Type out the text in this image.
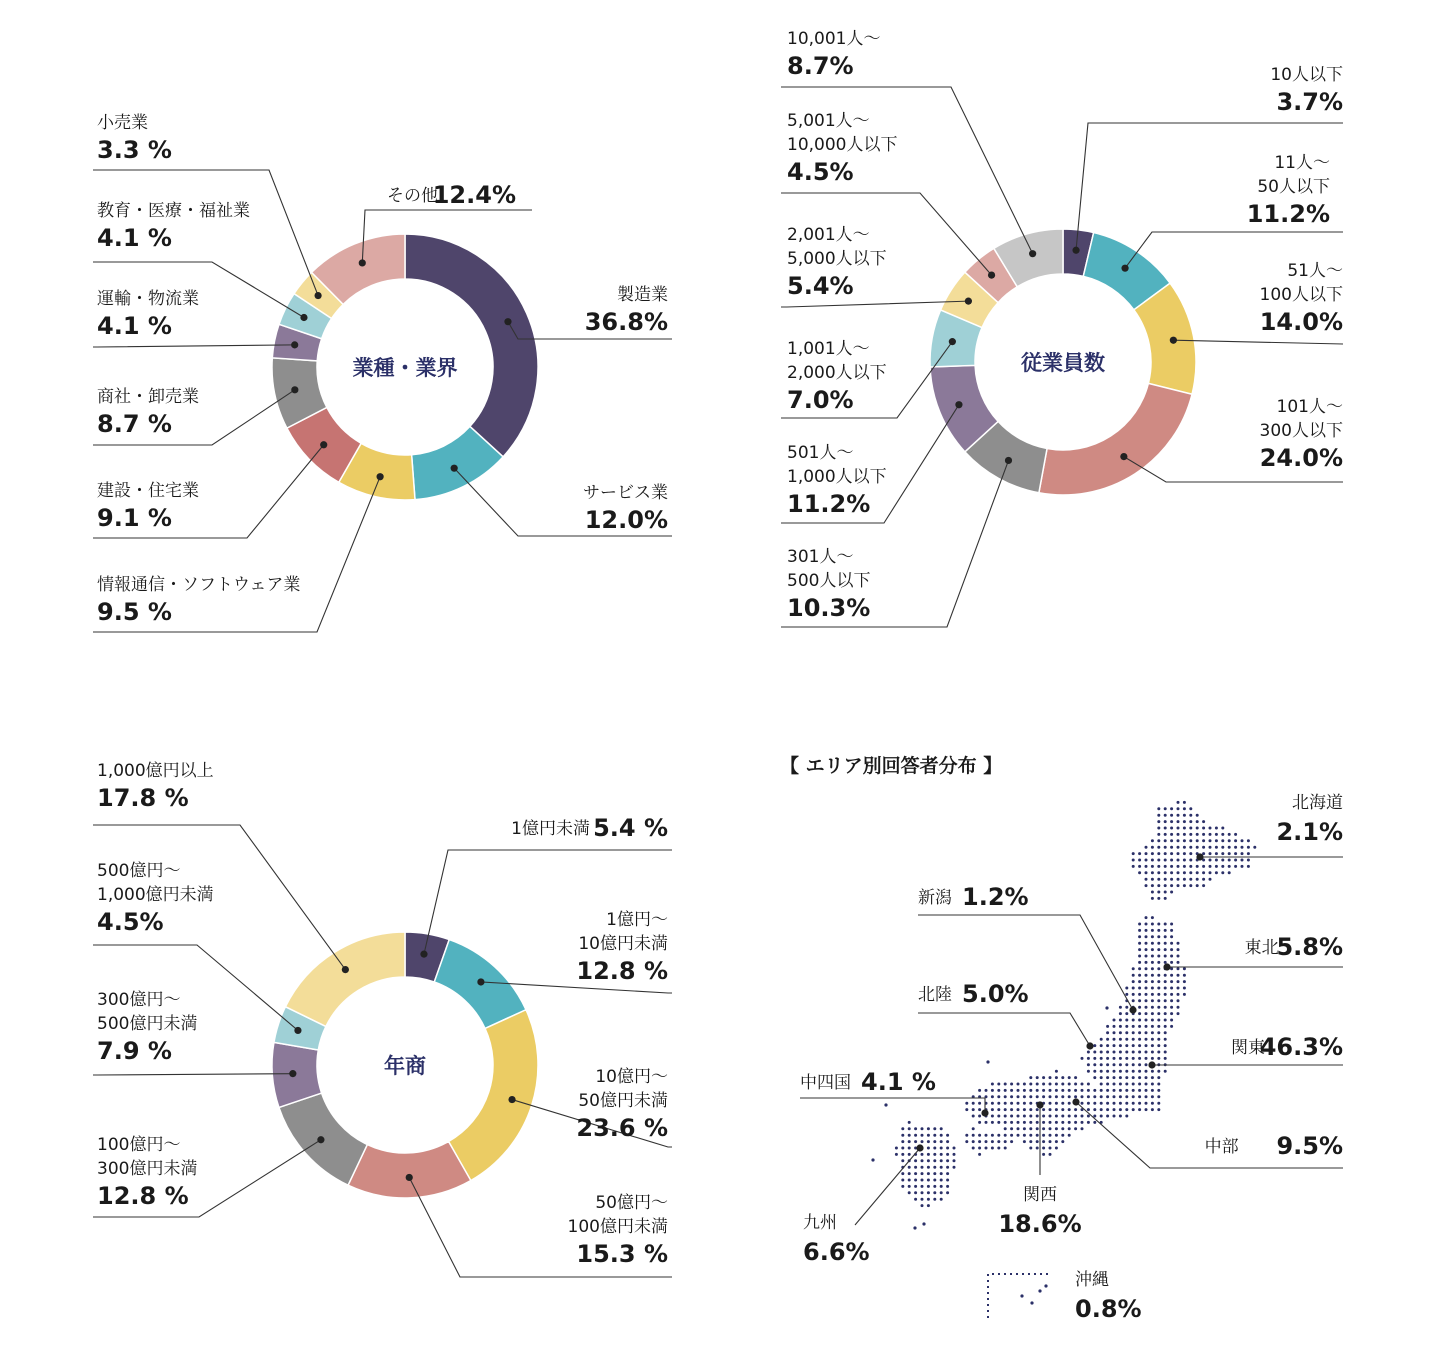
製造業
36.8%
サービス業
12.0%
情報通信・ソフトウェア業
9.5 %
建設・住宅業
9.1 %
商社・卸売業
8.7 %
運輸・物流業
4.1 %
教育・医療・福祉業
4.1 %
小売業
3.3 %
12.4%
その他
業種・業界
10人以下
3.7%
11人～
50人以下
11.2%
51人～
100人以下
14.0%
101人～
300人以下
24.0%
301人～
500人以下
10.3%
501人～
1,000人以下
11.2%
1,001人～
2,000人以下
7.0%
2,001人～
5,000人以下
5.4%
5,001人～
10,000人以下
4.5%
10,001人～
8.7%
従業員数
5.4 %
1億円未満
1億円～
10億円未満
12.8 %
10億円～
50億円未満
23.6 %
50億円～
100億円未満
15.3 %
100億円～
300億円未満
12.8 %
300億円～
500億円未満
7.9 %
500億円～
1,000億円未満
4.5%
1,000億円以上
17.8 %
年商
【 エリア別回答者分布 】
北海道
2.1%
5.8%
東北
46.3%
関東
9.5%
中部
関西
18.6%
中四国 4.1 %
九州
6.6%
新潟 1.2%
北陸 5.0%
沖縄
0.8%
